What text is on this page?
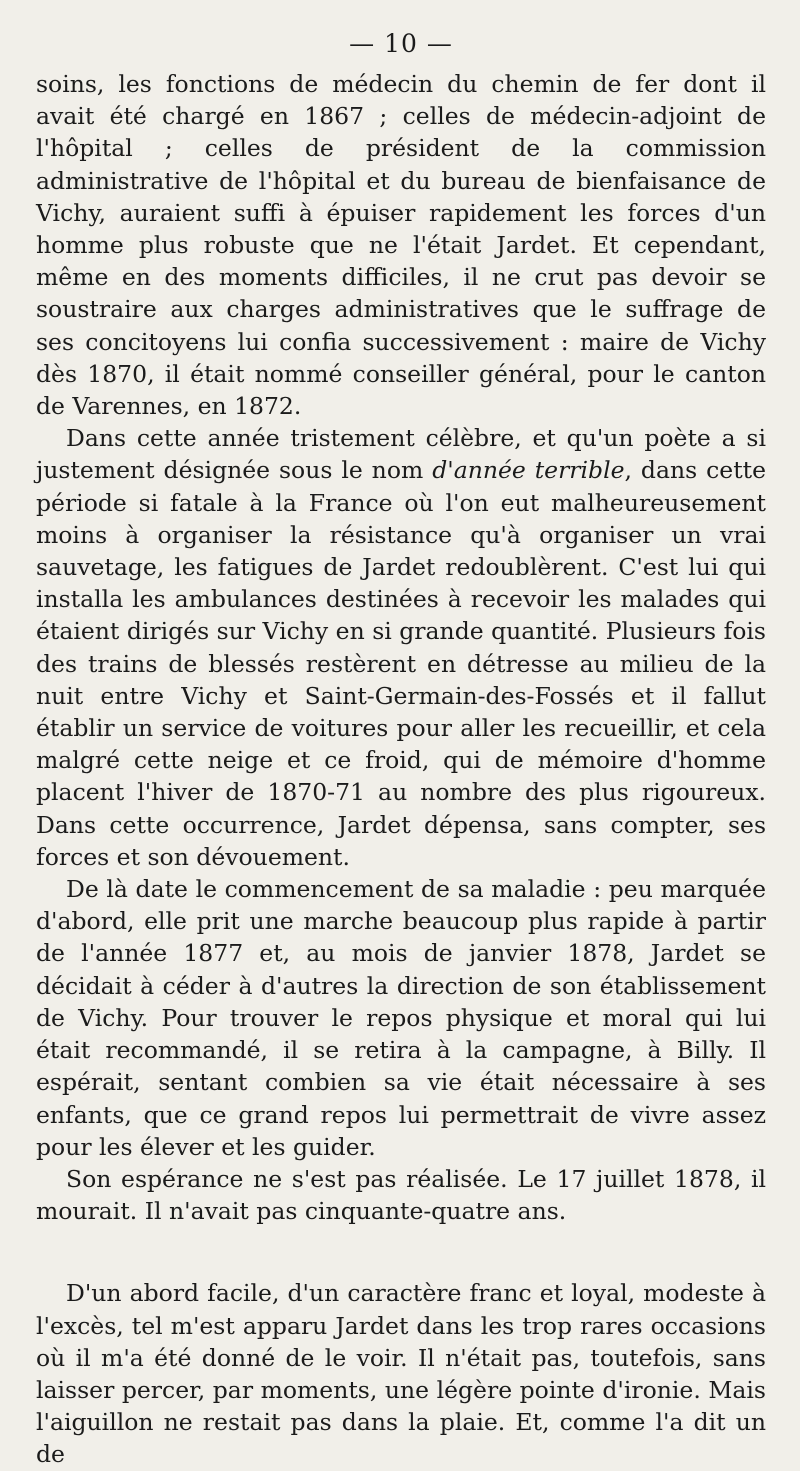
— 10 —

soins, les fonctions de médecin du chemin de fer dont il avait été chargé en 1867 ; celles de médecin-adjoint de l'hôpital ; celles de président de la commission administrative de l'hôpital et du bureau de bienfaisance de Vichy, auraient suffi à épuiser rapidement les forces d'un homme plus robuste que ne l'était Jardet. Et cependant, même en des moments difficiles, il ne crut pas devoir se soustraire aux charges administratives que le suffrage de ses concitoyens lui confia successivement : maire de Vichy dès 1870, il était nommé conseiller général, pour le canton de Varennes, en 1872.

Dans cette année tristement célèbre, et qu'un poète a si justement désignée sous le nom d'année terrible, dans cette période si fatale à la France où l'on eut malheureusement moins à organiser la résistance qu'à organiser un vrai sauvetage, les fatigues de Jardet redoublèrent. C'est lui qui installa les ambulances destinées à recevoir les malades qui étaient dirigés sur Vichy en si grande quantité. Plusieurs fois des trains de blessés restèrent en détresse au milieu de la nuit entre Vichy et Saint-Germain-des-Fossés et il fallut établir un service de voitures pour aller les recueillir, et cela malgré cette neige et ce froid, qui de mémoire d'homme placent l'hiver de 1870-71 au nombre des plus rigoureux. Dans cette occurrence, Jardet dépensa, sans compter, ses forces et son dévouement.

De là date le commencement de sa maladie : peu marquée d'abord, elle prit une marche beaucoup plus rapide à partir de l'année 1877 et, au mois de janvier 1878, Jardet se décidait à céder à d'autres la direction de son établissement de Vichy. Pour trouver le repos physique et moral qui lui était recommandé, il se retira à la campagne, à Billy. Il espérait, sentant combien sa vie était nécessaire à ses enfants, que ce grand repos lui permettrait de vivre assez pour les élever et les guider.

Son espérance ne s'est pas réalisée. Le 17 juillet 1878, il mourait. Il n'avait pas cinquante-quatre ans.

D'un abord facile, d'un caractère franc et loyal, modeste à l'excès, tel m'est apparu Jardet dans les trop rares occasions où il m'a été donné de le voir. Il n'était pas, toutefois, sans laisser percer, par moments, une légère pointe d'ironie. Mais l'aiguillon ne restait pas dans la plaie. Et, comme l'a dit un de
